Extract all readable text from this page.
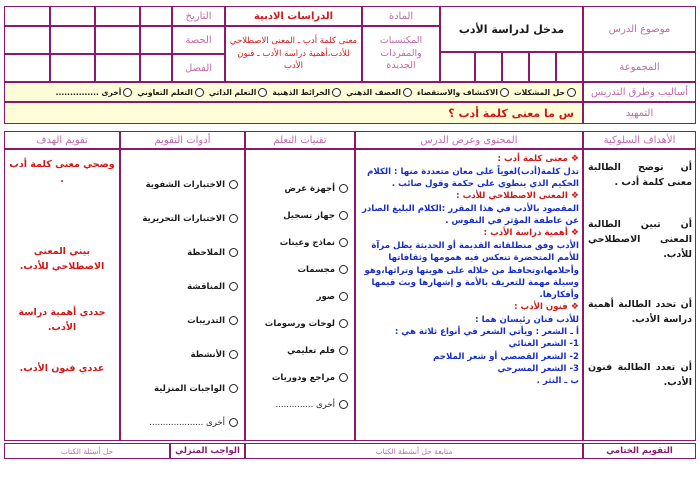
موضوع الدرس
مدخل لدراسة الأدب
المجموعة
المادة
المكتسبات والمفردات الجديدة
الدراسات الادبية
معنى كلمة أدب ـ المعنى الاصطلاحي للأدب،أهمية دراسة الأدب ـ فنون الأدب
التاريخ
الحصة
الفصل
أساليب وطرق التدريس
حل المشكلات
الاكتشاف والاستقصاء
العصف الذهني
الخرائط الذهنية
التعلم الذاتي
التعلم التعاوني
أخرى ...............
التمهيد
س ما معنى كلمة أدب ؟
الأهداف السلوكية
المحتوى وعرض الدرس
تقنيات التعلم
أدوات التقويم
تقويم الهدف
أن توضح الطالبة معنى كلمة أدب .
أن تبين الطالبة المعنى الاصطلاحي للأدب.
أن تحدد الطالبة أهمية دراسة الأدب.
أن تعدد الطالبة فنون الأدب.
❖ معنى كلمة أدب :
تدل كلمة(أدب)لغوياً على معان متعددة منها : الكلام الحكيم الذي ينطوي على حكمة وقول صائب .
❖ المعنى الاصطلاحي للأدب :
المقصود بالأدب في هذا المقرر :الكلام البليغ الصادر عن عاطفة المؤثر في النفوس .
❖ أهمية دراسة الأدب :
الأدب وفق منطلقاته القديمة أو الحديثة يظل مرآة للأمم المتحضرة تنعكس فيه همومها وثقافاتها وأحلامها،وتحافظ من خلاله على هويتها وتراثها،وهو وسيلة مهمة للتعريف بالأمة و إشهارها وبث قيمها وأفكارها.
❖ فنون الأدب :
للأدب فنان رئيسان هما :
أ ـ الشعر : ويأتي الشعر في أنواع ثلاثة هي :
1- الشعر الغنائي
2- الشعر القصصي أو شعر الملاحم
3- الشعر المسرحي
ب ـ النثر .
أجهزة عرض
جهاز تسجيل
نماذج وعينات
مجسمات
صور
لوحات ورسومات
فلم تعليمي
مراجع ودوريات
أخرى ..............
الاختبارات الشفوية
الاختبارات التحريرية
الملاحظة
المناقشة
التدريبات
الأنشطة
الواجبات المنزلية
أخرى ....................
وضحي معنى كلمة أدب .
بيني المعنى الاصطلاحي للأدب.
حددي أهمية دراسة الأدب.
عددي فنون الأدب.
التقويم الختامي
متابعة حل أنشطة الكتاب
الواجب المنزلي
حل أسئلة الكتاب
